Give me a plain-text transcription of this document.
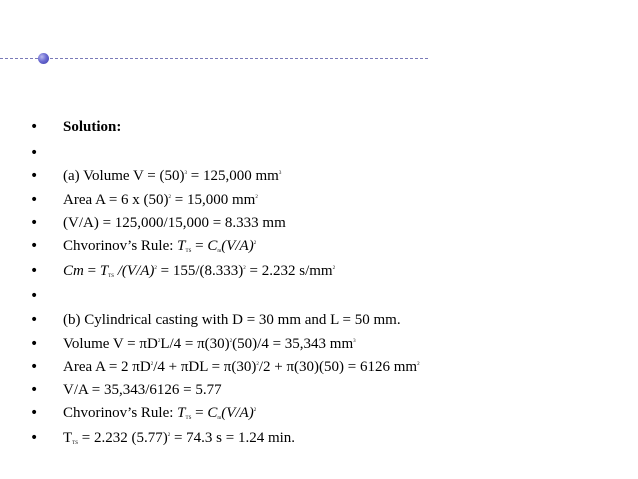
• Solution:
•
• (a) Volume $V = (50)^3 = 125,000$ $mm^3$
• Area A = 6 x $(50)^2 = 15,000$ $mm^2$
• (V/A) = 125,000/15,000 = 8.333 mm
• Chvorinov’s Rule: $T_{TS} = C_m(V/A)^2$
• $Cm = T_{TS}$ $/(V/A)^2 = 155/(8.333)^2 = 2.232$ $s/mm^2$
•
• (b) Cylindrical casting with D = 30 mm and L = 50 mm.
• Volume $V = \pi D^2L/4 = \pi(30)^2(50)/4 = 35,343$ $mm^3$
• Area A = 2 $\pi D^2/4 + \pi DL = \pi(30)^2/2 + \pi(30)(50) = 6126$ $mm^2$
• V/A = 35,343/6126 = 5.77
• Chvorinov’s Rule: $T_{TS} = C_m(V/A)^2$
• $T_{TS} = 2.232$ $(5.77)^2 = 74.3$ s = 1.24 min.
